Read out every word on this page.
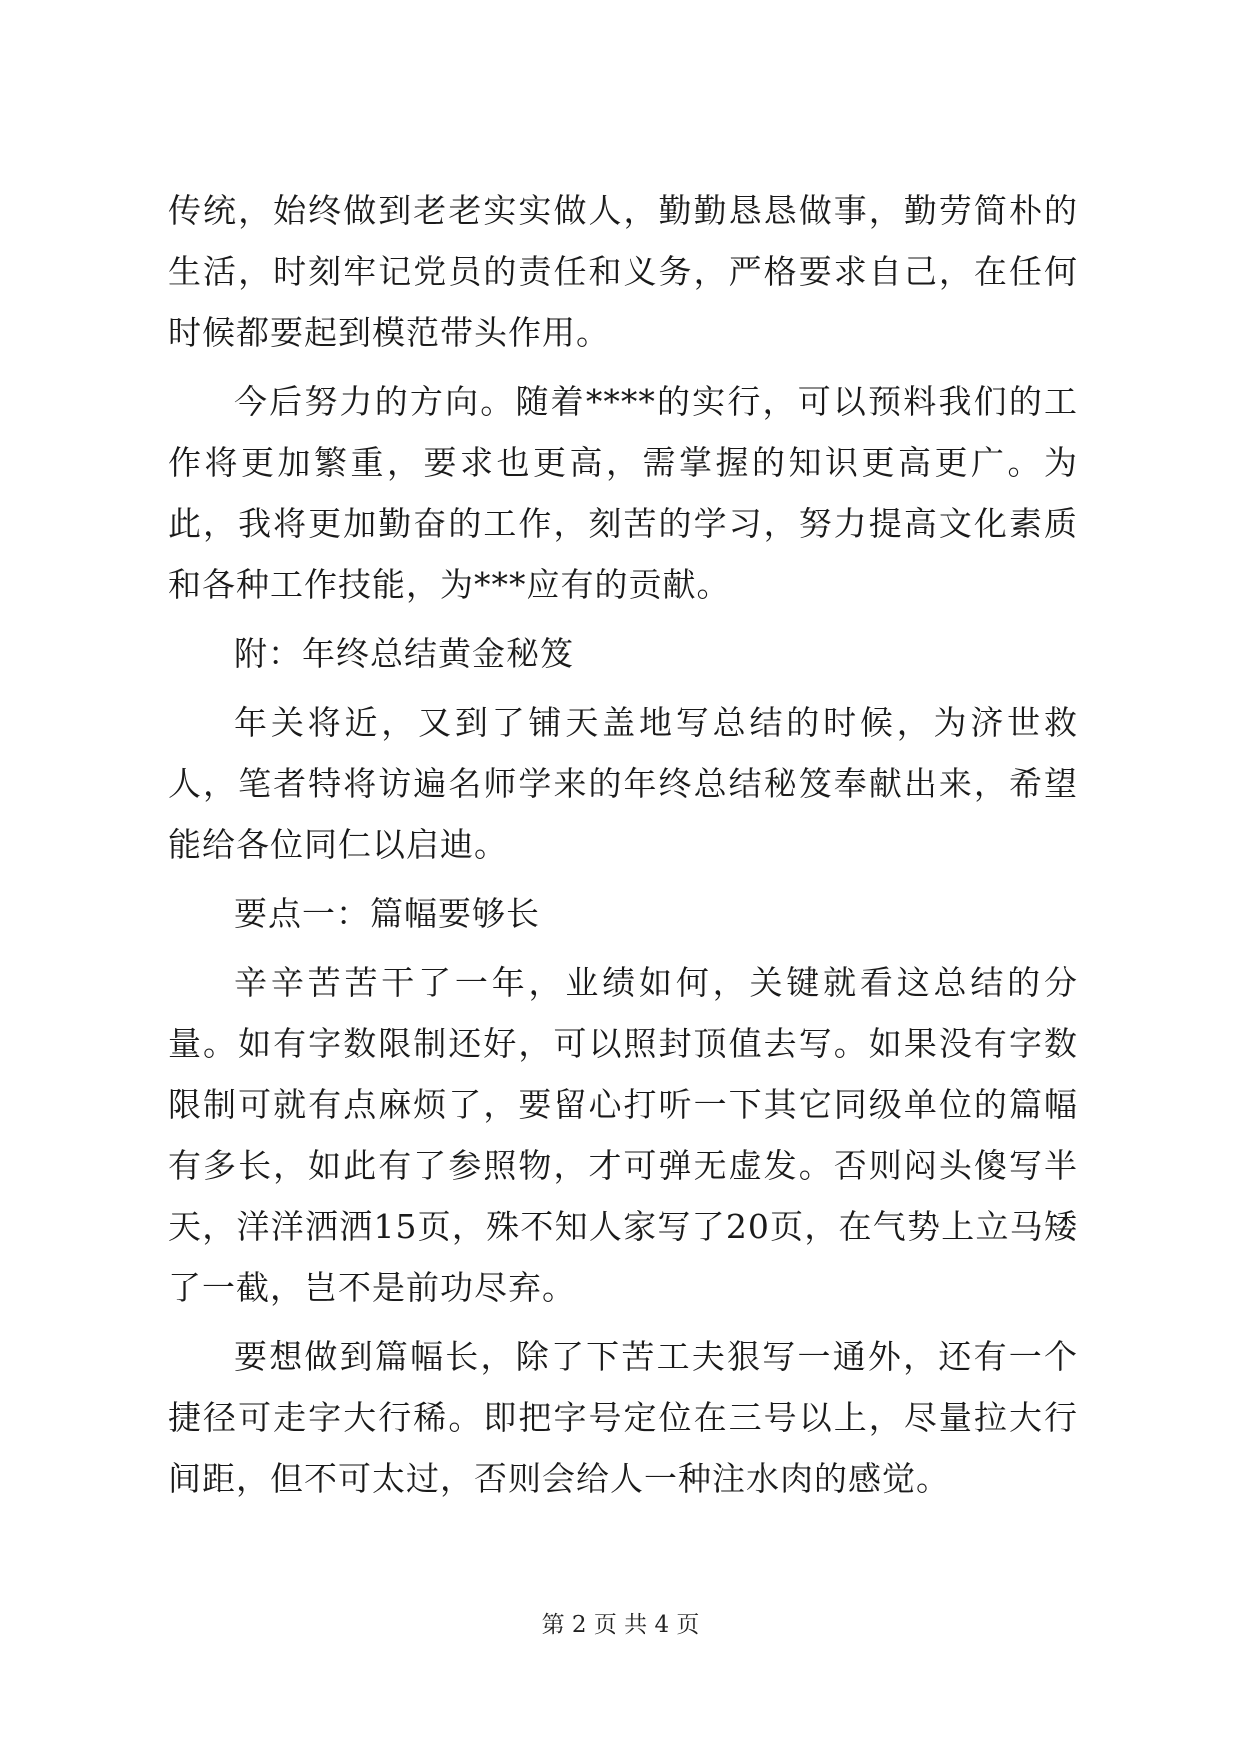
传统，始终做到老老实实做人，勤勤恳恳做事，勤劳简朴的生活，时刻牢记党员的责任和义务，严格要求自己，在任何时候都要起到模范带头作用。

今后努力的方向。随着****的实行，可以预料我们的工作将更加繁重，要求也更高，需掌握的知识更高更广。为此，我将更加勤奋的工作，刻苦的学习，努力提高文化素质和各种工作技能，为***应有的贡献。

附：年终总结黄金秘笈

年关将近，又到了铺天盖地写总结的时候，为济世救人，笔者特将访遍名师学来的年终总结秘笈奉献出来，希望能给各位同仁以启迪。

要点一：篇幅要够长

辛辛苦苦干了一年，业绩如何，关键就看这总结的分量。如有字数限制还好，可以照封顶值去写。如果没有字数限制可就有点麻烦了，要留心打听一下其它同级单位的篇幅有多长，如此有了参照物，才可弹无虚发。否则闷头傻写半天，洋洋洒洒15页，殊不知人家写了20页，在气势上立马矮了一截，岂不是前功尽弃。

要想做到篇幅长，除了下苦工夫狠写一通外，还有一个捷径可走字大行稀。即把字号定位在三号以上，尽量拉大行间距，但不可太过，否则会给人一种注水肉的感觉。

第 2 页 共 4 页
